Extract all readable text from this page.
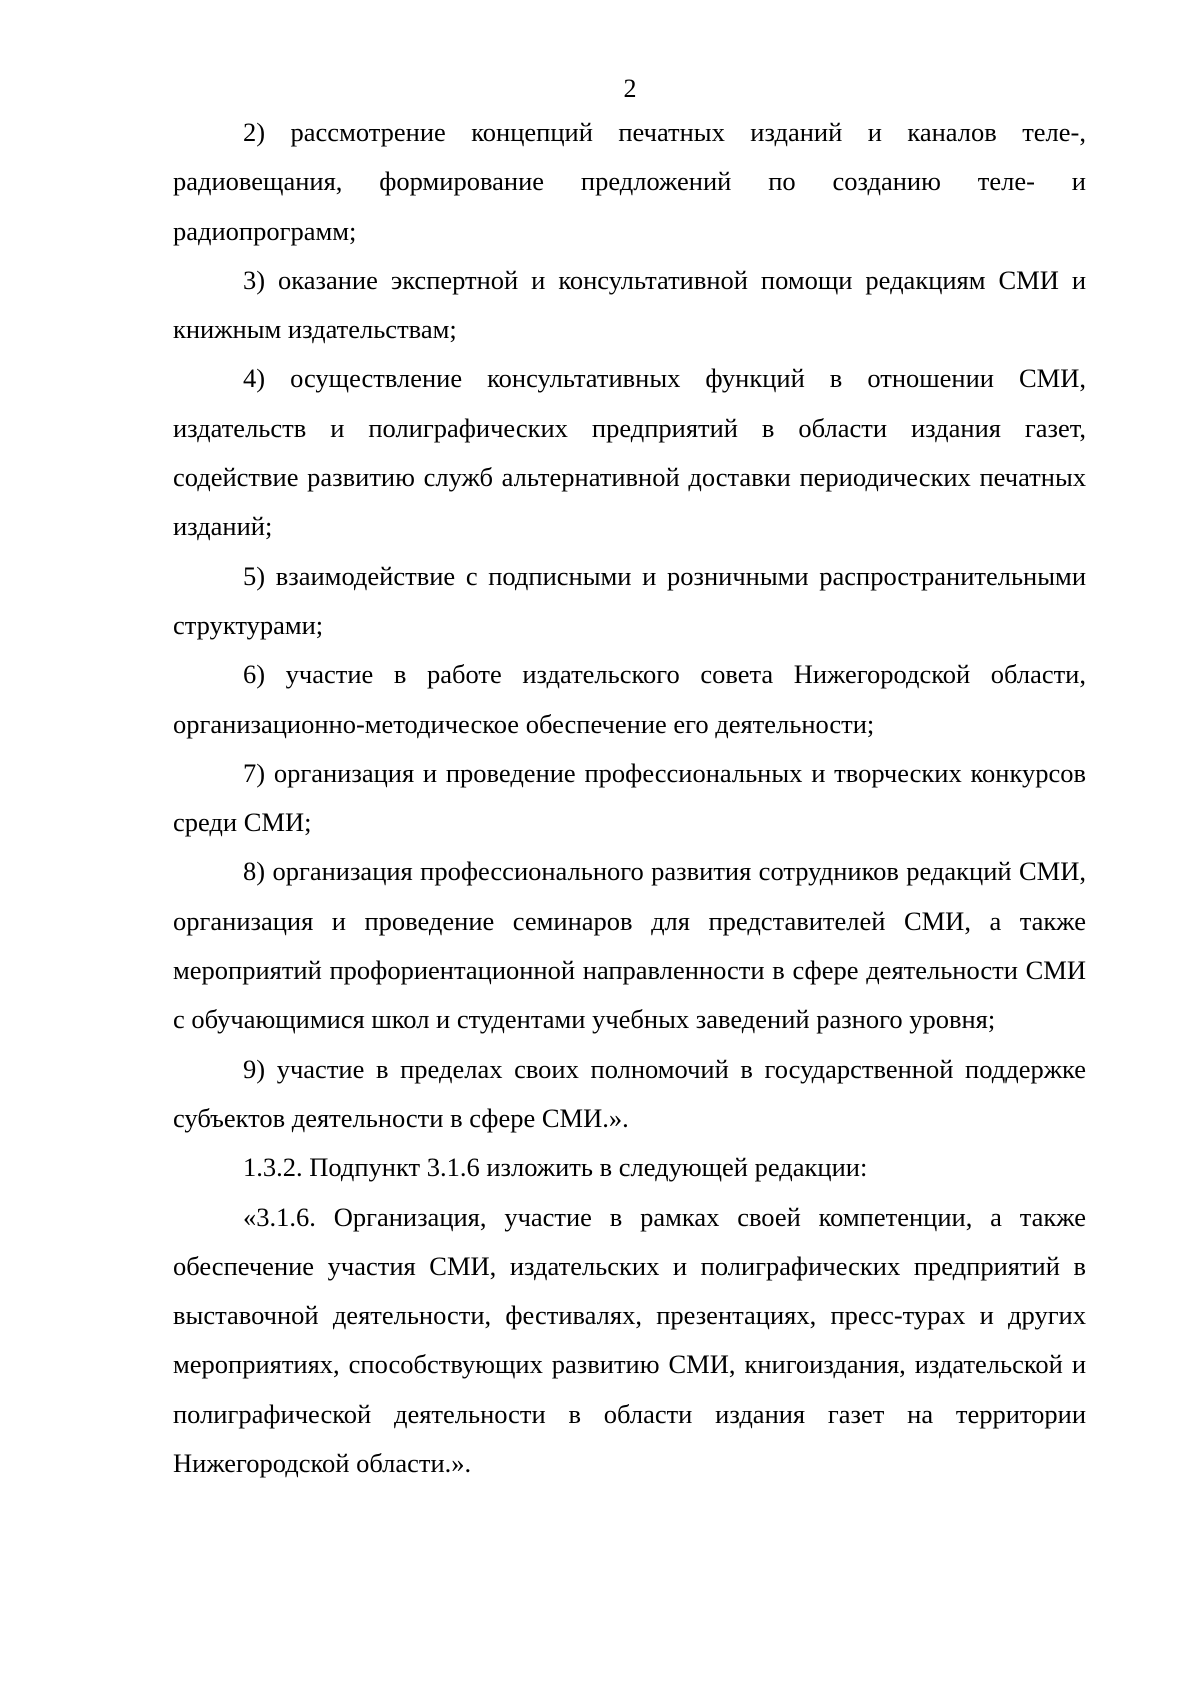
2

2) рассмотрение концепций печатных изданий и каналов теле-, радиовещания, формирование предложений по созданию теле- и радиопрограмм;

3) оказание экспертной и консультативной помощи редакциям СМИ и книжным издательствам;

4) осуществление консультативных функций в отношении СМИ, издательств и полиграфических предприятий в области издания газет, содействие развитию служб альтернативной доставки периодических печатных изданий;

5) взаимодействие с подписными и розничными распространительными структурами;

6) участие в работе издательского совета Нижегородской области, организационно-методическое обеспечение его деятельности;

7) организация и проведение профессиональных и творческих конкурсов среди СМИ;

8) организация профессионального развития сотрудников редакций СМИ, организация и проведение семинаров для представителей СМИ, а также мероприятий профориентационной направленности в сфере деятельности СМИ с обучающимися школ и студентами учебных заведений разного уровня;

9) участие в пределах своих полномочий в государственной поддержке субъектов деятельности в сфере СМИ.».

1.3.2. Подпункт 3.1.6 изложить в следующей редакции:

«3.1.6. Организация, участие в рамках своей компетенции, а также обеспечение участия СМИ, издательских и полиграфических предприятий в выставочной деятельности, фестивалях, презентациях, пресс-турах и других мероприятиях, способствующих развитию СМИ, книгоиздания, издательской и полиграфической деятельности в области издания газет на территории Нижегородской области.».
